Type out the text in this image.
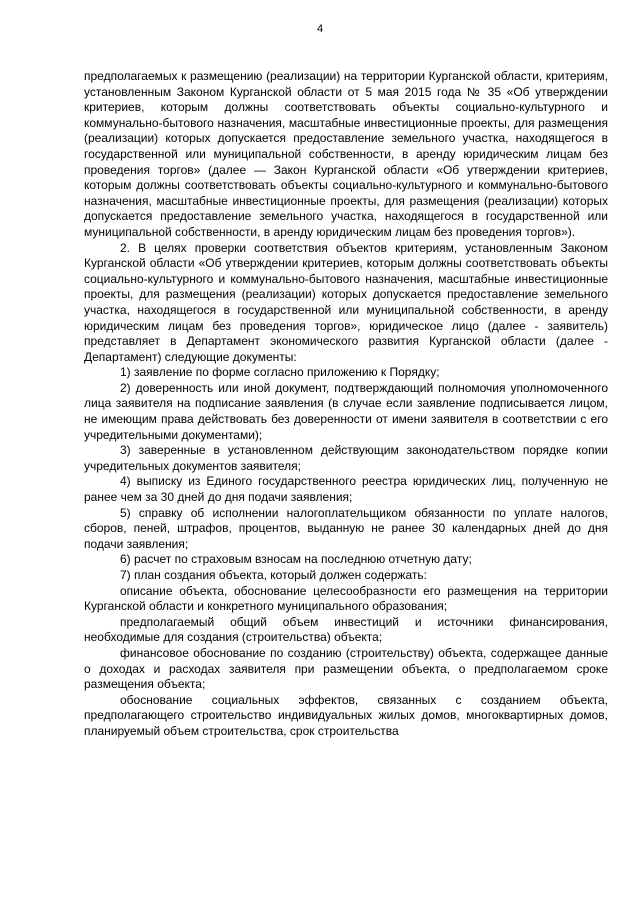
4

предполагаемых к размещению (реализации) на территории Курганской области, критериям, установленным Законом Курганской области от 5 мая 2015 года № 35 «Об утверждении критериев, которым должны соответствовать объекты социально-культурного и коммунально-бытового назначения, масштабные инвестиционные проекты, для размещения (реализации) которых допускается предоставление земельного участка, находящегося в государственной или муниципальной собственности, в аренду юридическим лицам без проведения торгов» (далее — Закон Курганской области «Об утверждении критериев, которым должны соответствовать объекты социально-культурного и коммунально-бытового назначения, масштабные инвестиционные проекты, для размещения (реализации) которых допускается предоставление земельного участка, находящегося в государственной или муниципальной собственности, в аренду юридическим лицам без проведения торгов»).

2. В целях проверки соответствия объектов критериям, установленным Законом Курганской области «Об утверждении критериев, которым должны соответствовать объекты социально-культурного и коммунально-бытового назначения, масштабные инвестиционные проекты, для размещения (реализации) которых допускается предоставление земельного участка, находящегося в государственной или муниципальной собственности, в аренду юридическим лицам без проведения торгов», юридическое лицо (далее - заявитель) представляет в Департамент экономического развития Курганской области (далее - Департамент) следующие документы:

1) заявление по форме согласно приложению к Порядку;

2) доверенность или иной документ, подтверждающий полномочия уполномоченного лица заявителя на подписание заявления (в случае если заявление подписывается лицом, не имеющим права действовать без доверенности от имени заявителя в соответствии с его учредительными документами);

3) заверенные в установленном действующим законодательством порядке копии учредительных документов заявителя;

4) выписку из Единого государственного реестра юридических лиц, полученную не ранее чем за 30 дней до дня подачи заявления;

5) справку об исполнении налогоплательщиком обязанности по уплате налогов, сборов, пеней, штрафов, процентов, выданную не ранее 30 календарных дней до дня подачи заявления;

6) расчет по страховым взносам на последнюю отчетную дату;

7) план создания объекта, который должен содержать:

описание объекта, обоснование целесообразности его размещения на территории Курганской области и конкретного муниципального образования;

предполагаемый общий объем инвестиций и источники финансирования, необходимые для создания (строительства) объекта;

финансовое обоснование по созданию (строительству) объекта, содержащее данные о доходах и расходах заявителя при размещении объекта, о предполагаемом сроке размещения объекта;

обоснование социальных эффектов, связанных с созданием объекта, предполагающего строительство индивидуальных жилых домов, многоквартирных домов, планируемый объем строительства, срок строительства
